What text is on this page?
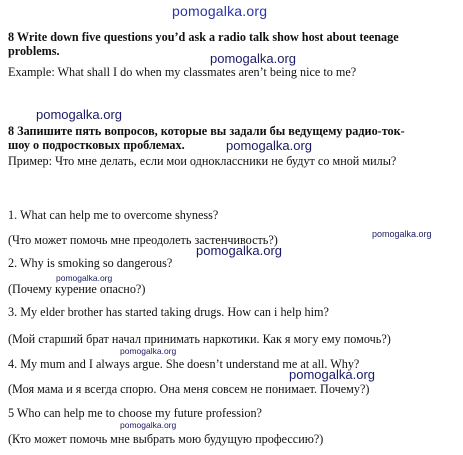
pomogalka.org
pomogalka.org
pomogalka.org
pomogalka.org
pomogalka.org
pomogalka.org
pomogalka.org
pomogalka.org
pomogalka.org
pomogalka.org
8 Write down five questions you’d ask a radio talk show host about teenage
problems.
Example: What shall I do when my classmates aren’t being nice to me?
8 Запишите пять вопросов, которые вы задали бы ведущему радио-ток-
шоу о подростковых проблемах.
Пример: Что мне делать, если мои одноклассники не будут со мной милы?
1. What can help me to overcome shyness?
(Что может помочь мне преодолеть застенчивость?)
2. Why is smoking so dangerous?
(Почему курение опасно?)
3. My elder brother has started taking drugs. How can i help him?
(Мой старший брат начал принимать наркотики. Как я могу ему помочь?)
4. My mum and I always argue. She doesn’t understand me at all. Why?
(Моя мама и я всегда спорю. Она меня совсем не понимает. Почему?)
5 Who can help me to choose my future profession?
(Кто может помочь мне выбрать мою будущую профессию?)
